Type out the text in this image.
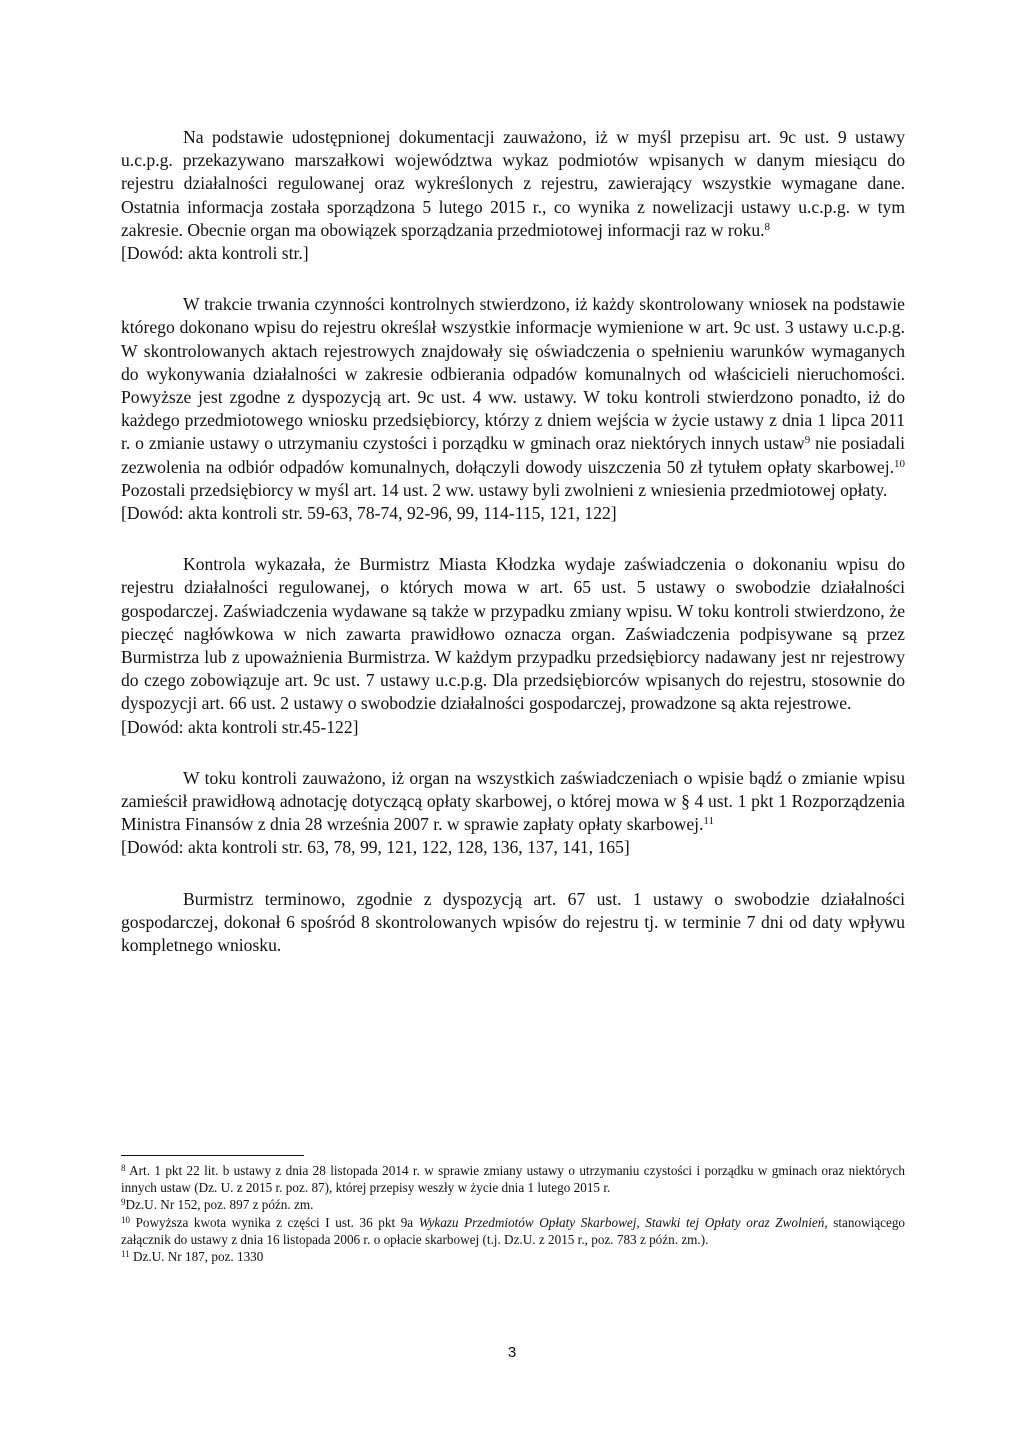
Na podstawie udostępnionej dokumentacji zauważono, iż w myśl przepisu art. 9c ust. 9 ustawy u.c.p.g. przekazywano marszałkowi województwa wykaz podmiotów wpisanych w danym miesiącu do rejestru działalności regulowanej oraz wykreślonych z rejestru, zawierający wszystkie wymagane dane. Ostatnia informacja została sporządzona 5 lutego 2015 r., co wynika z nowelizacji ustawy u.c.p.g. w tym zakresie. Obecnie organ ma obowiązek sporządzania przedmiotowej informacji raz w roku.$^8$

[Dowód: akta kontroli str.]

W trakcie trwania czynności kontrolnych stwierdzono, iż każdy skontrolowany wniosek na podstawie którego dokonano wpisu do rejestru określał wszystkie informacje wymienione w art. 9c ust. 3 ustawy u.c.p.g. W skontrolowanych aktach rejestrowych znajdowały się oświadczenia o spełnieniu warunków wymaganych do wykonywania działalności w zakresie odbierania odpadów komunalnych od właścicieli nieruchomości. Powyższe jest zgodne z dyspozycją art. 9c ust. 4 ww. ustawy. W toku kontroli stwierdzono ponadto, iż do każdego przedmiotowego wniosku przedsiębiorcy, którzy z dniem wejścia w życie ustawy z dnia 1 lipca 2011 r. o zmianie ustawy o utrzymaniu czystości i porządku w gminach oraz niektórych innych ustaw$^9$ nie posiadali zezwolenia na odbiór odpadów komunalnych, dołączyli dowody uiszczenia 50 zł tytułem opłaty skarbowej.$^{10}$ Pozostali przedsiębiorcy w myśl art. 14 ust. 2 ww. ustawy byli zwolnieni z wniesienia przedmiotowej opłaty.

[Dowód: akta kontroli str. 59-63, 78-74, 92-96, 99, 114-115, 121, 122]

Kontrola wykazała, że Burmistrz Miasta Kłodzka wydaje zaświadczenia o dokonaniu wpisu do rejestru działalności regulowanej, o których mowa w art. 65 ust. 5 ustawy o swobodzie działalności gospodarczej. Zaświadczenia wydawane są także w przypadku zmiany wpisu. W toku kontroli stwierdzono, że pieczęć nagłówkowa w nich zawarta prawidłowo oznacza organ. Zaświadczenia podpisywane są przez Burmistrza lub z upoważnienia Burmistrza. W każdym przypadku przedsiębiorcy nadawany jest nr rejestrowy do czego zobowiązuje art. 9c ust. 7 ustawy u.c.p.g. Dla przedsiębiorców wpisanych do rejestru, stosownie do dyspozycji art. 66 ust. 2 ustawy o swobodzie działalności gospodarczej, prowadzone są akta rejestrowe.

[Dowód: akta kontroli str.45-122]

W toku kontroli zauważono, iż organ na wszystkich zaświadczeniach o wpisie bądź o zmianie wpisu zamieścił prawidłową adnotację dotyczącą opłaty skarbowej, o której mowa w § 4 ust. 1 pkt 1 Rozporządzenia Ministra Finansów z dnia 28 września 2007 r. w sprawie zapłaty opłaty skarbowej.$^{11}$

[Dowód: akta kontroli str. 63, 78, 99, 121, 122, 128, 136, 137, 141, 165]

Burmistrz terminowo, zgodnie z dyspozycją art. 67 ust. 1 ustawy o swobodzie działalności gospodarczej, dokonał 6 spośród 8 skontrolowanych wpisów do rejestru tj. w terminie 7 dni od daty wpływu kompletnego wniosku.

$^8$ Art. 1 pkt 22 lit. b ustawy z dnia 28 listopada 2014 r. w sprawie zmiany ustawy o utrzymaniu czystości i porządku w gminach oraz niektórych innych ustaw (Dz. U. z 2015 r. poz. 87), której przepisy weszły w życie dnia 1 lutego 2015 r.

$^9$Dz.U. Nr 152, poz. 897 z późn. zm.

$^{10}$ Powyższa kwota wynika z części I ust. 36 pkt 9a Wykazu Przedmiotów Opłaty Skarbowej, Stawki tej Opłaty oraz Zwolnień, stanowiącego załącznik do ustawy z dnia 16 listopada 2006 r. o opłacie skarbowej (t.j. Dz.U. z 2015 r., poz. 783 z późn. zm.).

$^{11}$ Dz.U. Nr 187, poz. 1330

3
